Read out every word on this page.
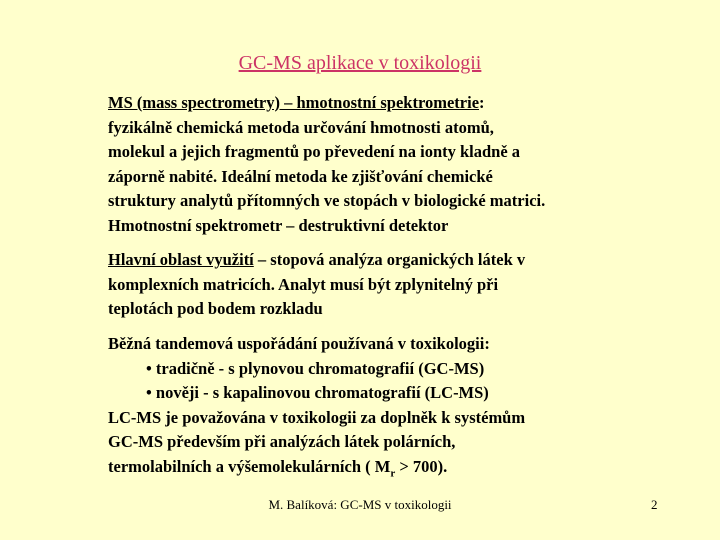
GC-MS aplikace v toxikologii
MS (mass spectrometry) – hmotnostní spektrometrie:
fyzikálně chemická metoda určování hmotnosti atomů,
molekul a jejich fragmentů po převedení na ionty kladně a
záporně nabité. Ideální metoda ke zjišťování chemické
struktury analytů přítomných ve stopách v biologické matrici.
Hmotnostní spektrometr – destruktivní detektor
Hlavní oblast využití – stopová analýza organických látek v
komplexních matricích. Analyt musí být zplynitelný při
teplotách pod bodem rozkladu
Běžná tandemová uspořádání používaná v toxikologii:
• tradičně - s plynovou chromatografií (GC-MS)
• nověji - s kapalinovou chromatografií (LC-MS)
LC-MS je považována v toxikologii za doplněk k systémům
GC-MS především při analýzách látek polárních,
termolabilních a výšemolekulárních ( $M_r > 700$).
M. Balíková: GC-MS v toxikologii	2
